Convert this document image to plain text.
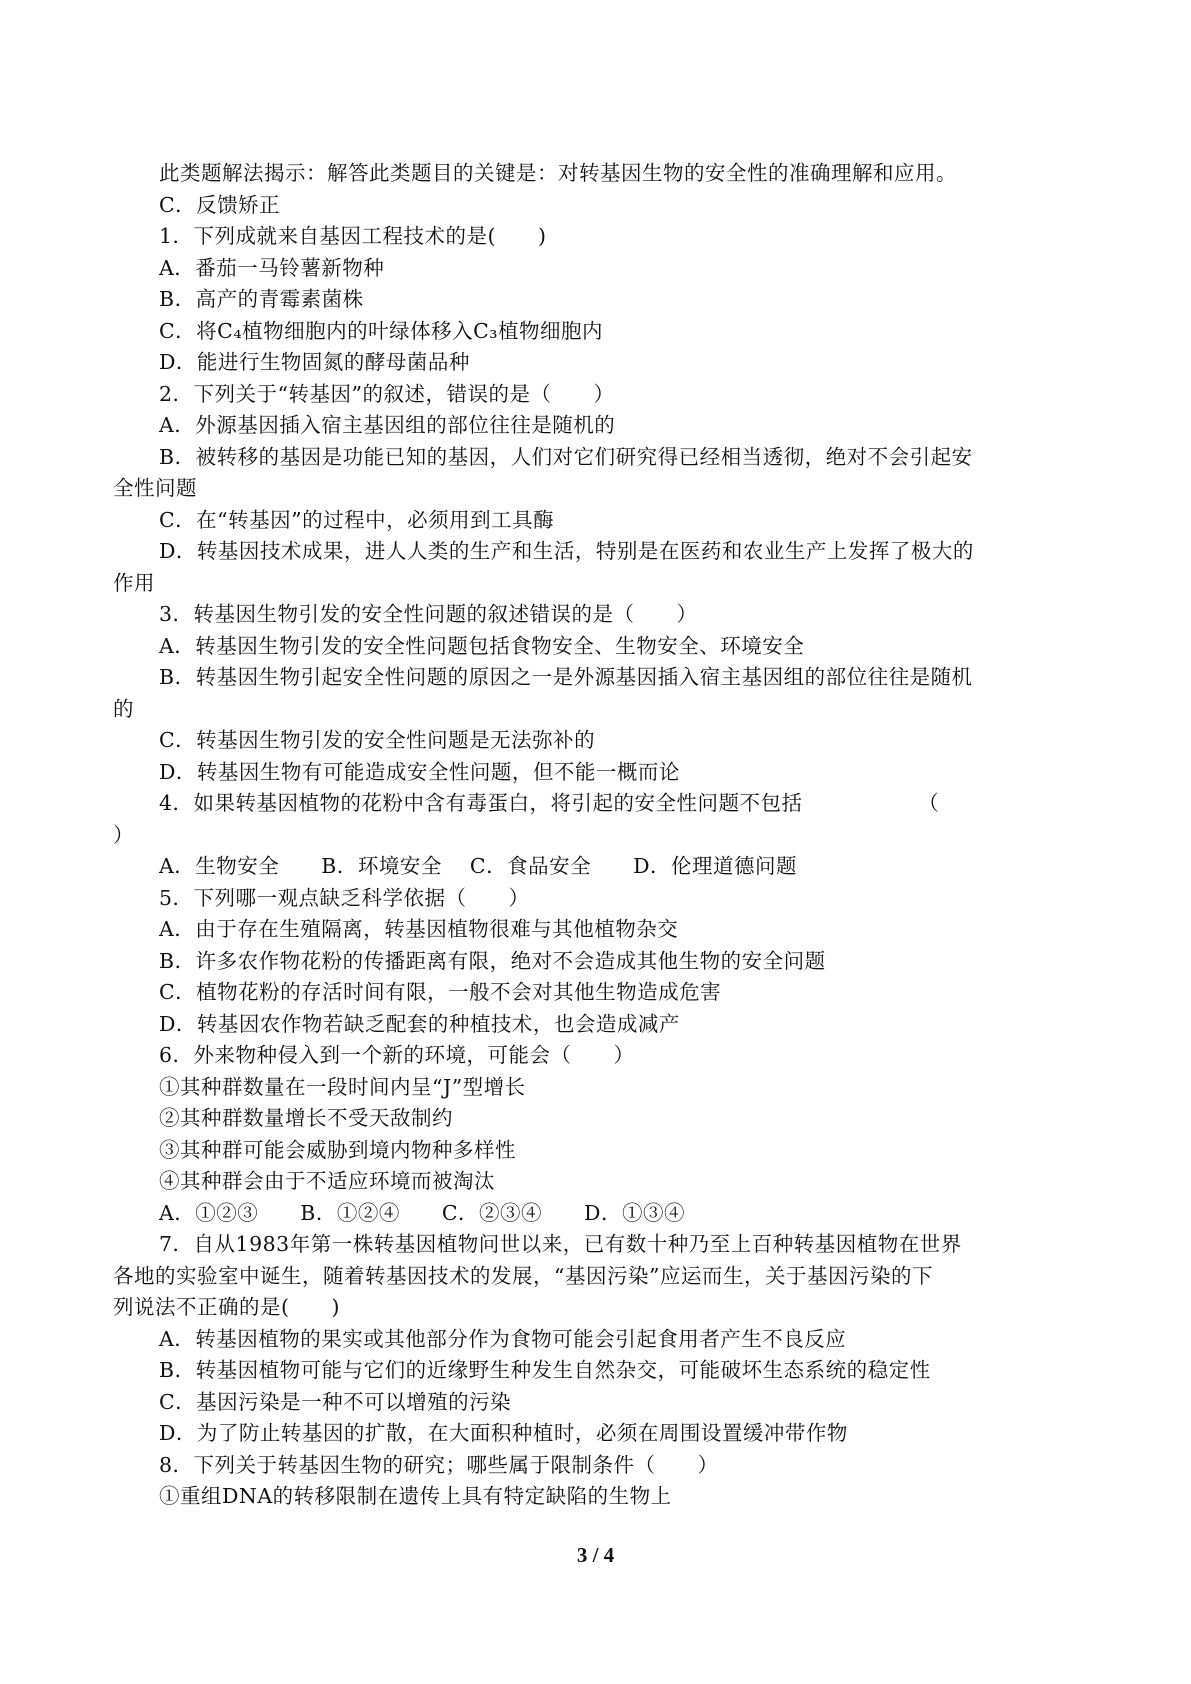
此类题解法揭示：解答此类题目的关键是：对转基因生物的安全性的准确理解和应用。
C．反馈矫正
1．下列成就来自基因工程技术的是(　　)
A．番茄一马铃薯新物种
B．高产的青霉素菌株
C．将C₄植物细胞内的叶绿体移入C₃植物细胞内
D．能进行生物固氮的酵母菌品种
2．下列关于“转基因”的叙述，错误的是（　　）
A．外源基因插入宿主基因组的部位往往是随机的
B．被转移的基因是功能已知的基因，人们对它们研究得已经相当透彻，绝对不会引起安
全性问题
C．在“转基因”的过程中，必须用到工具酶
D．转基因技术成果，进人人类的生产和生活，特别是在医药和农业生产上发挥了极大的
作用
3．转基因生物引发的安全性问题的叙述错误的是（　　）
A．转基因生物引发的安全性问题包括食物安全、生物安全、环境安全
B．转基因生物引起安全性问题的原因之一是外源基因插入宿主基因组的部位往往是随机
的
C．转基因生物引发的安全性问题是无法弥补的
D．转基因生物有可能造成安全性问题，但不能一概而论
4．如果转基因植物的花粉中含有毒蛋白，将引起的安全性问题不包括　　　　　　（
）
A．生物安全　　B．环境安全　 C．食品安全　　D．伦理道德问题
5．下列哪一观点缺乏科学依据（　　）
A．由于存在生殖隔离，转基因植物很难与其他植物杂交
B．许多农作物花粉的传播距离有限，绝对不会造成其他生物的安全问题
C．植物花粉的存活时间有限，一般不会对其他生物造成危害
D．转基因农作物若缺乏配套的种植技术，也会造成减产
6．外来物种侵入到一个新的环境，可能会（　　）
①其种群数量在一段时间内呈“J”型增长
②其种群数量增长不受天敌制约
③其种群可能会威胁到境内物种多样性
④其种群会由于不适应环境而被淘汰
A．①②③　　B．①②④　　C．②③④　　D．①③④
7．自从1983年第一株转基因植物问世以来，已有数十种乃至上百种转基因植物在世界
各地的实验室中诞生，随着转基因技术的发展，“基因污染”应运而生，关于基因污染的下
列说法不正确的是(　　)
A．转基因植物的果实或其他部分作为食物可能会引起食用者产生不良反应
B．转基因植物可能与它们的近缘野生种发生自然杂交，可能破坏生态系统的稳定性
C．基因污染是一种不可以增殖的污染
D．为了防止转基因的扩散，在大面积种植时，必须在周围设置缓冲带作物
8．下列关于转基因生物的研究；哪些属于限制条件（　　）
①重组DNA的转移限制在遗传上具有特定缺陷的生物上
3 / 4
